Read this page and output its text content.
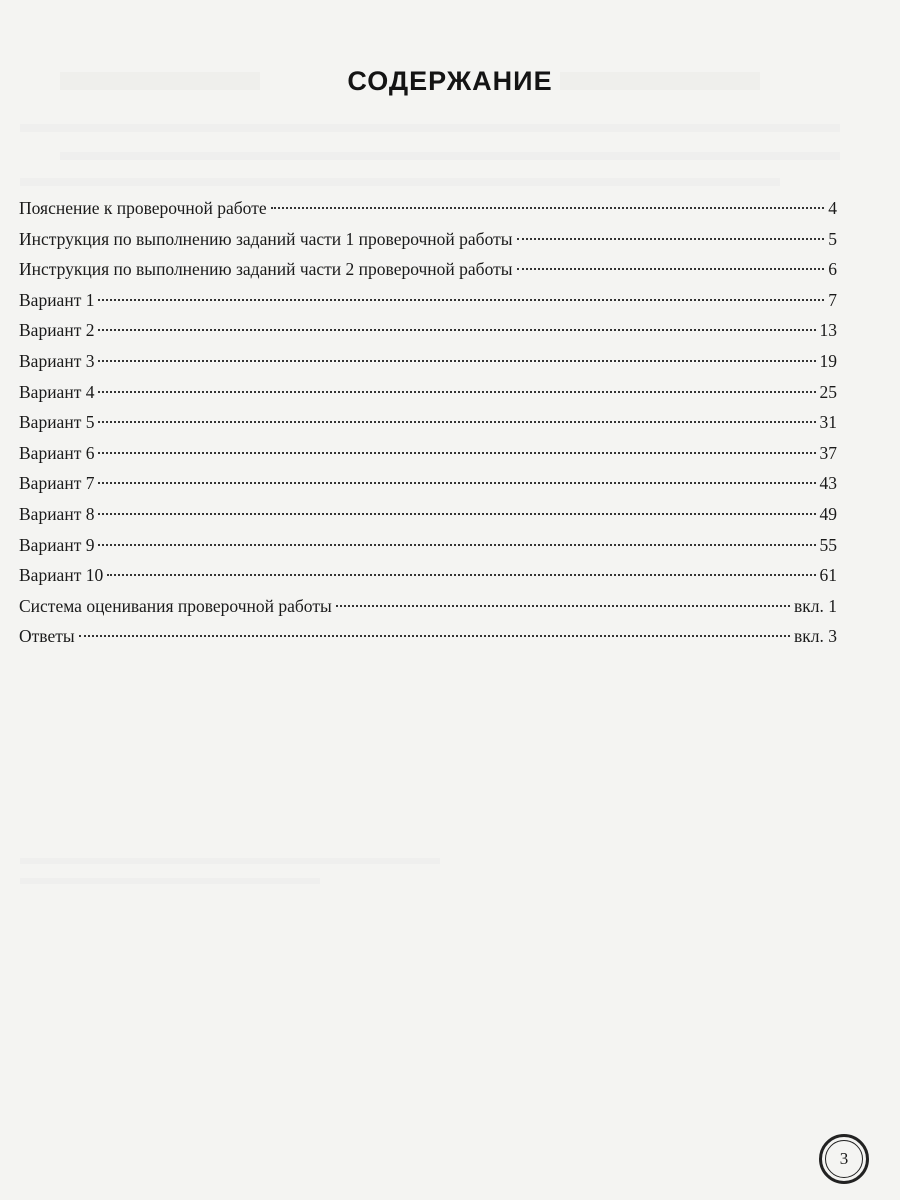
СОДЕРЖАНИЕ
Пояснение к проверочной работе	4
Инструкция по выполнению заданий части 1 проверочной работы	5
Инструкция по выполнению заданий части 2 проверочной работы	6
Вариант 1	7
Вариант 2	13
Вариант 3	19
Вариант 4	25
Вариант 5	31
Вариант 6	37
Вариант 7	43
Вариант 8	49
Вариант 9	55
Вариант 10	61
Система оценивания проверочной работы	вкл. 1
Ответы	вкл. 3
3
